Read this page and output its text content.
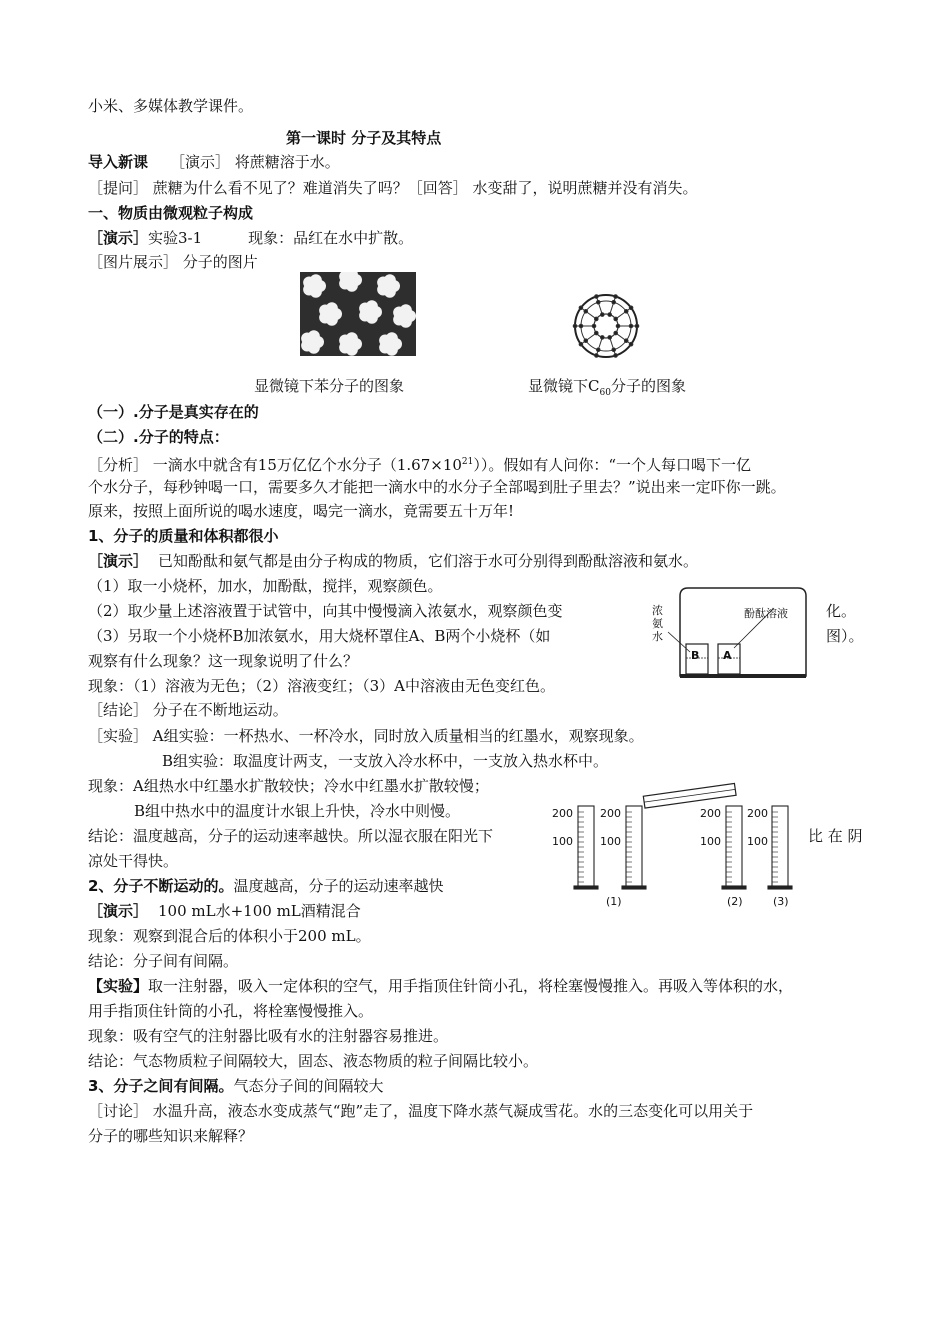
小米、多媒体教学课件。
第一课时 分子及其特点
导入新课 ［演示］ 将蔗糖溶于水。
［提问］ 蔗糖为什么看不见了？难道消失了吗？［回答］ 水变甜了，说明蔗糖并没有消失。
一、物质由微观粒子构成
［演示］实验3-1	现象：品红在水中扩散。
［图片展示］ 分子的图片
显微镜下苯分子的图象	显微镜下$C_{60}$分子的图象
（一）.分子是真实存在的
（二）.分子的特点：
［分析］ 一滴水中就含有15万亿亿个水分子$(1.67\times 10^{21})$）。假如有人问你：“一个人每口喝下一亿
个水分子，每秒钟喝一口，需要多久才能把一滴水中的水分子全部喝到肚子里去？”说出来一定吓你一跳。
原来，按照上面所说的喝水速度，喝完一滴水，竟需要五十万年!
1、分子的质量和体积都很小
［演示］ 已知酚酞和氨气都是由分子构成的物质，它们溶于水可分别得到酚酞溶液和氨水。
（1）取一小烧杯，加水，加酚酞，搅拌，观察颜色。
（2）取少量上述溶液置于试管中，向其中慢慢滴入浓氨水，观察颜色变	化。
（3）另取一个小烧杯B加浓氨水，用大烧杯罩住A、B两个小烧杯（如	图）。
观察有什么现象？这一现象说明了什么？
浓
氨
水
酚酞溶液
B A
现象：（1）溶液为无色；（2）溶液变红；（3）A中溶液由无色变红色。
［结论］ 分子在不断地运动。
［实验］ A组实验：一杯热水、一杯冷水，同时放入质量相当的红墨水，观察现象。
B组实验：取温度计两支，一支放入冷水杯中，一支放入热水杯中。
现象：A组热水中红墨水扩散较快；冷水中红墨水扩散较慢；
B组中热水中的温度计水银上升快，冷水中则慢。
结论：温度越高，分子的运动速率越快。所以湿衣服在阳光下	比 在 阴
凉处干得快。
200
100
200
100
200
100
200
100
(1)	(2)	(3)
2、分子不断运动的。温度越高，分子的运动速率越快
［演示］ 100 mL水+100 mL酒精混合
现象：观察到混合后的体积小于200 mL。
结论：分子间有间隔。
【实验】取一注射器，吸入一定体积的空气，用手指顶住针筒小孔，将栓塞慢慢推入。再吸入等体积的水，
用手指顶住针筒的小孔，将栓塞慢慢推入。
现象：吸有空气的注射器比吸有水的注射器容易推进。
结论：气态物质粒子间隔较大，固态、液态物质的粒子间隔比较小。
3、分子之间有间隔。气态分子间的间隔较大
［讨论］ 水温升高，液态水变成蒸气“跑”走了，温度下降水蒸气凝成雪花。水的三态变化可以用关于
分子的哪些知识来解释？
